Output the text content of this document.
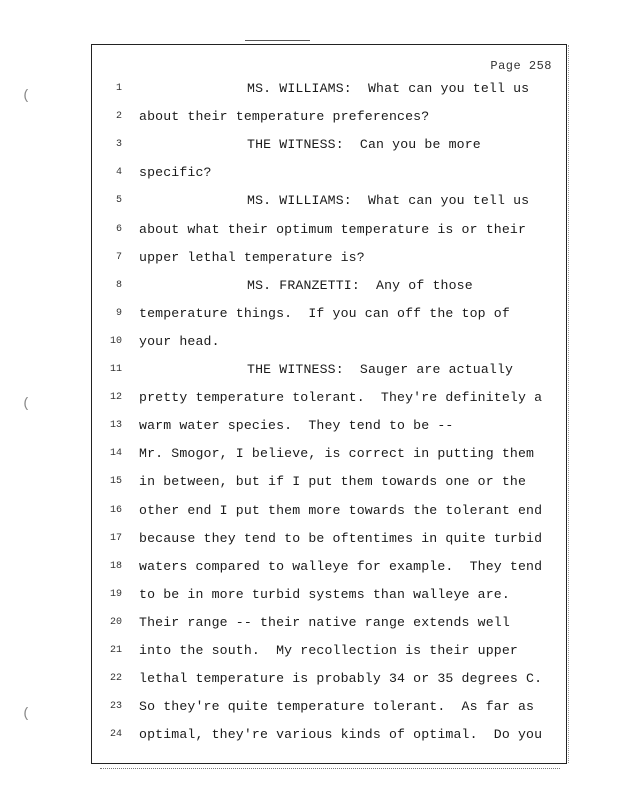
(
(
(
Page 258
1	MS. WILLIAMS:  What can you tell us
2 about their temperature preferences?
3	THE WITNESS:  Can you be more
4 specific?
5	MS. WILLIAMS:  What can you tell us
6 about what their optimum temperature is or their
7 upper lethal temperature is?
8	MS. FRANZETTI:  Any of those
9 temperature things.  If you can off the top of
10 your head.
11	THE WITNESS:  Sauger are actually
12 pretty temperature tolerant.  They're definitely a
13 warm water species.  They tend to be --
14 Mr. Smogor, I believe, is correct in putting them
15 in between, but if I put them towards one or the
16 other end I put them more towards the tolerant end
17 because they tend to be oftentimes in quite turbid
18 waters compared to walleye for example.  They tend
19 to be in more turbid systems than walleye are.
20 Their range -- their native range extends well
21 into the south.  My recollection is their upper
22 lethal temperature is probably 34 or 35 degrees C.
23 So they're quite temperature tolerant.  As far as
24 optimal, they're various kinds of optimal.  Do you
